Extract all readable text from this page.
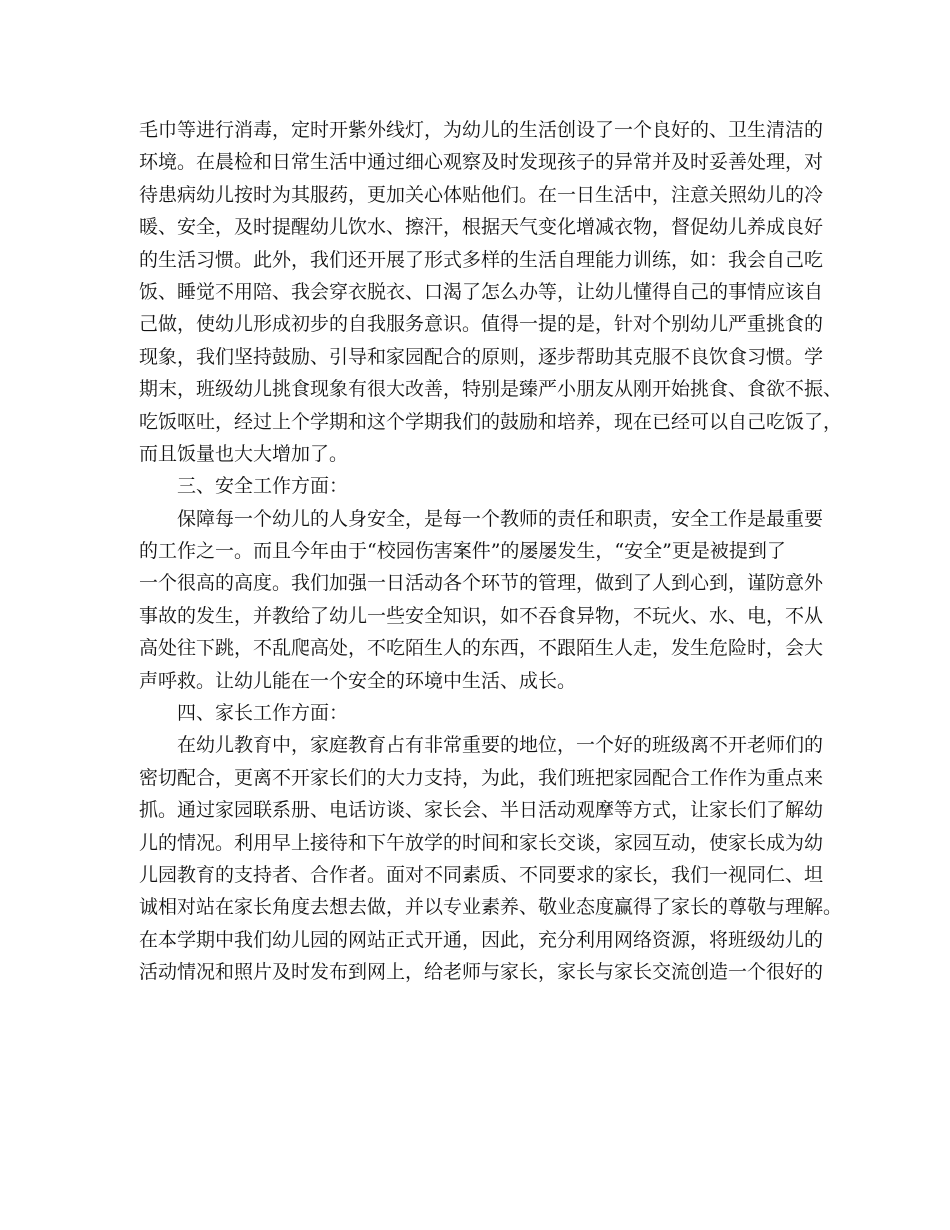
毛巾等进行消毒，定时开紫外线灯，为幼儿的生活创设了一个良好的、卫生清洁的
环境。在晨检和日常生活中通过细心观察及时发现孩子的异常并及时妥善处理，对
待患病幼儿按时为其服药，更加关心体贴他们。在一日生活中，注意关照幼儿的冷
暖、安全，及时提醒幼儿饮水、擦汗，根据天气变化增减衣物，督促幼儿养成良好
的生活习惯。此外，我们还开展了形式多样的生活自理能力训练，如：我会自己吃
饭、睡觉不用陪、我会穿衣脱衣、口渴了怎么办等，让幼儿懂得自己的事情应该自
己做，使幼儿形成初步的自我服务意识。值得一提的是，针对个别幼儿严重挑食的
现象，我们坚持鼓励、引导和家园配合的原则，逐步帮助其克服不良饮食习惯。学
期末，班级幼儿挑食现象有很大改善，特别是臻严小朋友从刚开始挑食、食欲不振、
吃饭呕吐，经过上个学期和这个学期我们的鼓励和培养，现在已经可以自己吃饭了，
而且饭量也大大增加了。
三、安全工作方面：
保障每一个幼儿的人身安全，是每一个教师的责任和职责，安全工作是最重要
的工作之一。而且今年由于“校园伤害案件”的屡屡发生，“安全”更是被提到了
一个很高的高度。我们加强一日活动各个环节的管理，做到了人到心到，谨防意外
事故的发生，并教给了幼儿一些安全知识，如不吞食异物，不玩火、水、电，不从
高处往下跳，不乱爬高处，不吃陌生人的东西，不跟陌生人走，发生危险时，会大
声呼救。让幼儿能在一个安全的环境中生活、成长。
四、家长工作方面：
在幼儿教育中，家庭教育占有非常重要的地位，一个好的班级离不开老师们的
密切配合，更离不开家长们的大力支持，为此，我们班把家园配合工作作为重点来
抓。通过家园联系册、电话访谈、家长会、半日活动观摩等方式，让家长们了解幼
儿的情况。利用早上接待和下午放学的时间和家长交谈，家园互动，使家长成为幼
儿园教育的支持者、合作者。面对不同素质、不同要求的家长，我们一视同仁、坦
诚相对站在家长角度去想去做，并以专业素养、敬业态度赢得了家长的尊敬与理解。
在本学期中我们幼儿园的网站正式开通，因此，充分利用网络资源，将班级幼儿的
活动情况和照片及时发布到网上，给老师与家长，家长与家长交流创造一个很好的
